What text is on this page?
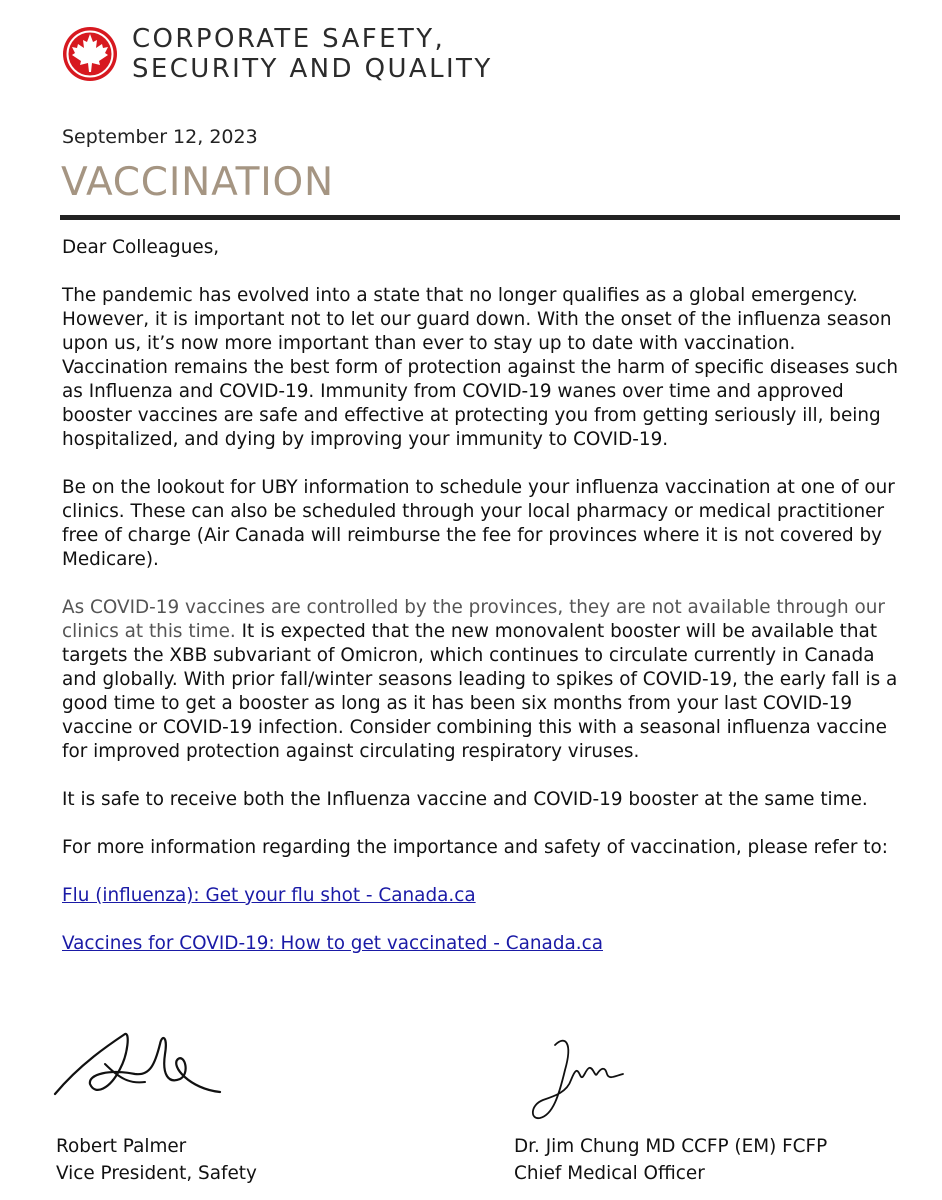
CORPORATE SAFETY,
SECURITY AND QUALITY
September 12, 2023
VACCINATION

Dear Colleagues,

The pandemic has evolved into a state that no longer qualifies as a global emergency. However, it is important not to let our guard down. With the onset of the influenza season upon us, it’s now more important than ever to stay up to date with vaccination. Vaccination remains the best form of protection against the harm of specific diseases such as Influenza and COVID-19. Immunity from COVID-19 wanes over time and approved booster vaccines are safe and effective at protecting you from getting seriously ill, being hospitalized, and dying by improving your immunity to COVID-19.

Be on the lookout for UBY information to schedule your influenza vaccination at one of our clinics. These can also be scheduled through your local pharmacy or medical practitioner free of charge (Air Canada will reimburse the fee for provinces where it is not covered by Medicare).

As COVID-19 vaccines are controlled by the provinces, they are not available through our clinics at this time. It is expected that the new monovalent booster will be available that targets the XBB subvariant of Omicron, which continues to circulate currently in Canada and globally. With prior fall/winter seasons leading to spikes of COVID-19, the early fall is a good time to get a booster as long as it has been six months from your last COVID-19 vaccine or COVID-19 infection. Consider combining this with a seasonal influenza vaccine for improved protection against circulating respiratory viruses.

It is safe to receive both the Influenza vaccine and COVID-19 booster at the same time.

For more information regarding the importance and safety of vaccination, please refer to:

Flu (influenza): Get your flu shot - Canada.ca

Vaccines for COVID-19: How to get vaccinated - Canada.ca

Robert Palmer
Vice President, Safety
Dr. Jim Chung MD CCFP (EM) FCFP
Chief Medical Officer
